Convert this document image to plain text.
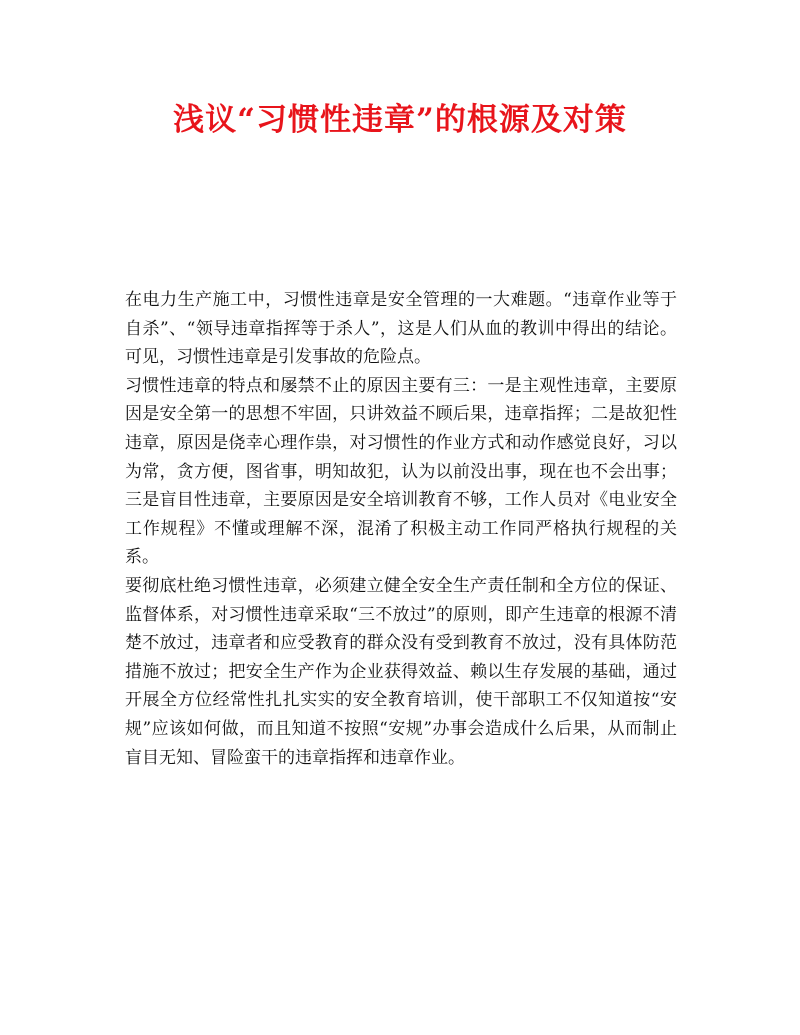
浅议“习惯性违章”的根源及对策

在电力生产施工中，习惯性违章是安全管理的一大难题。“违章作业等于自杀”、“领导违章指挥等于杀人”，这是人们从血的教训中得出的结论。可见，习惯性违章是引发事故的危险点。

习惯性违章的特点和屡禁不止的原因主要有三：一是主观性违章，主要原因是安全第一的思想不牢固，只讲效益不顾后果，违章指挥；二是故犯性违章，原因是侥幸心理作祟，对习惯性的作业方式和动作感觉良好，习以为常，贪方便，图省事，明知故犯，认为以前没出事，现在也不会出事；三是盲目性违章，主要原因是安全培训教育不够，工作人员对《电业安全工作规程》不懂或理解不深，混淆了积极主动工作同严格执行规程的关系。

要彻底杜绝习惯性违章，必须建立健全安全生产责任制和全方位的保证、监督体系，对习惯性违章采取“三不放过”的原则，即产生违章的根源不清楚不放过，违章者和应受教育的群众没有受到教育不放过，没有具体防范措施不放过；把安全生产作为企业获得效益、赖以生存发展的基础，通过开展全方位经常性扎扎实实的安全教育培训，使干部职工不仅知道按“安规”应该如何做，而且知道不按照“安规”办事会造成什么后果，从而制止盲目无知、冒险蛮干的违章指挥和违章作业。
